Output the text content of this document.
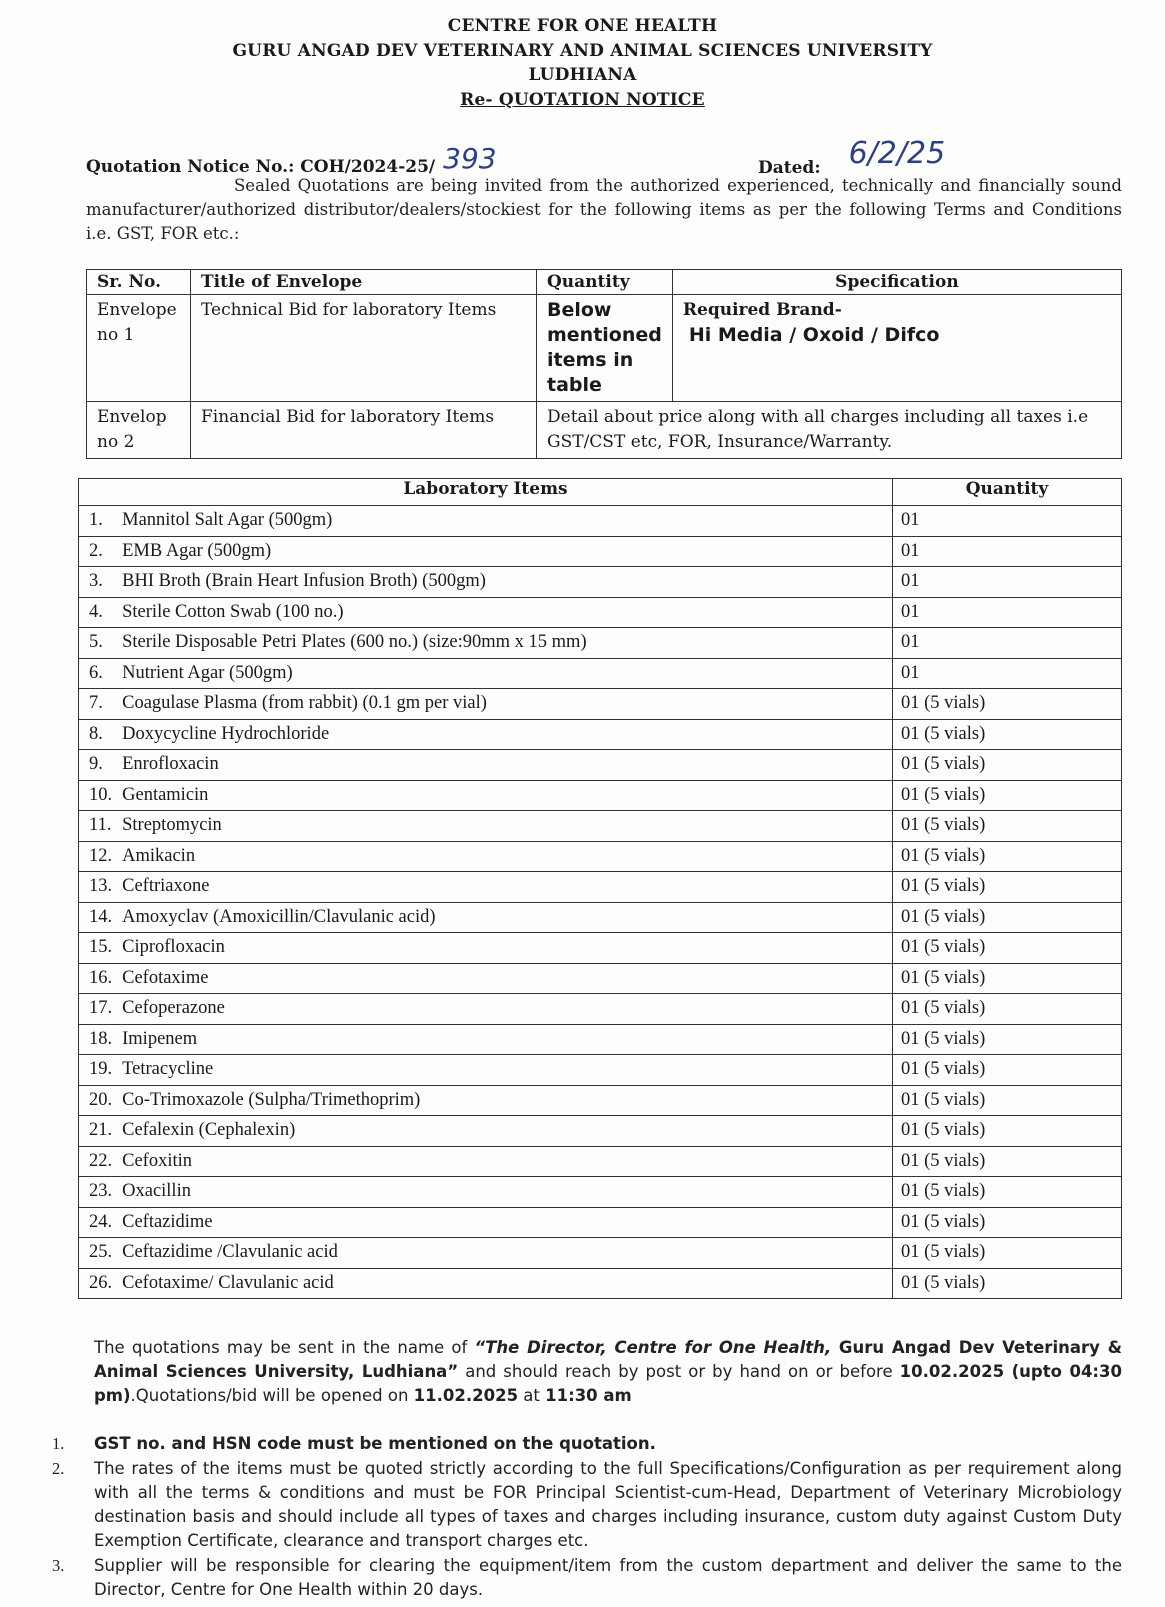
CENTRE FOR ONE HEALTH
GURU ANGAD DEV VETERINARY AND ANIMAL SCIENCES UNIVERSITY
LUDHIANA
Re- QUOTATION NOTICE
Quotation Notice No.: COH/2024-25/ 393	Dated: 6/2/25
Sealed Quotations are being invited from the authorized experienced, technically and financially sound manufacturer/authorized distributor/dealers/stockiest for the following items as per the following Terms and Conditions i.e. GST, FOR etc.:
Sr. No.	Title of Envelope	Quantity	Specification
Envelope no 1	Technical Bid for laboratory Items	Below mentioned items in table	Required Brand-
Hi Media / Oxoid / Difco

Envelop no 2	Financial Bid for laboratory Items	Detail about price along with all charges including all taxes i.e GST/CST etc, FOR, Insurance/Warranty.	
Laboratory Items		Quantity
1.	Mannitol Salt Agar (500gm)	01
2.	EMB Agar (500gm)	01
3.	BHI Broth (Brain Heart Infusion Broth) (500gm)	01
4.	Sterile Cotton Swab (100 no.)	01
5.	Sterile Disposable Petri Plates (600 no.) (size:90mm x 15 mm)	01
6.	Nutrient Agar (500gm)	01
7.	Coagulase Plasma (from rabbit) (0.1 gm per vial)	01 (5 vials)
8.	Doxycycline Hydrochloride	01 (5 vials)
9.	Enrofloxacin	01 (5 vials)
10.	Gentamicin	01 (5 vials)
11.	Streptomycin	01 (5 vials)
12.	Amikacin	01 (5 vials)
13.	Ceftriaxone	01 (5 vials)
14.	Amoxyclav (Amoxicillin/Clavulanic acid)	01 (5 vials)
15.	Ciprofloxacin	01 (5 vials)
16.	Cefotaxime	01 (5 vials)
17.	Cefoperazone	01 (5 vials)
18.	Imipenem	01 (5 vials)
19.	Tetracycline	01 (5 vials)
20.	Co-Trimoxazole (Sulpha/Trimethoprim)	01 (5 vials)
21.	Cefalexin (Cephalexin)	01 (5 vials)
22.	Cefoxitin	01 (5 vials)
23.	Oxacillin	01 (5 vials)
24.	Ceftazidime	01 (5 vials)
25.	Ceftazidime /Clavulanic acid	01 (5 vials)
26.	Cefotaxime/ Clavulanic acid	01 (5 vials)
The quotations may be sent in the name of “The Director, Centre for One Health, Guru Angad Dev Veterinary & Animal Sciences University, Ludhiana” and should reach by post or by hand on or before 10.02.2025 (upto 04:30 pm).Quotations/bid will be opened on 11.02.2025 at 11:30 am
1. GST no. and HSN code must be mentioned on the quotation.
2. The rates of the items must be quoted strictly according to the full Specifications/Configuration as per requirement along with all the terms & conditions and must be FOR Principal Scientist-cum-Head, Department of Veterinary Microbiology destination basis and should include all types of taxes and charges including insurance, custom duty against Custom Duty Exemption Certificate, clearance and transport charges etc.
3. Supplier will be responsible for clearing the equipment/item from the custom department and deliver the same to the Director, Centre for One Health within 20 days.
